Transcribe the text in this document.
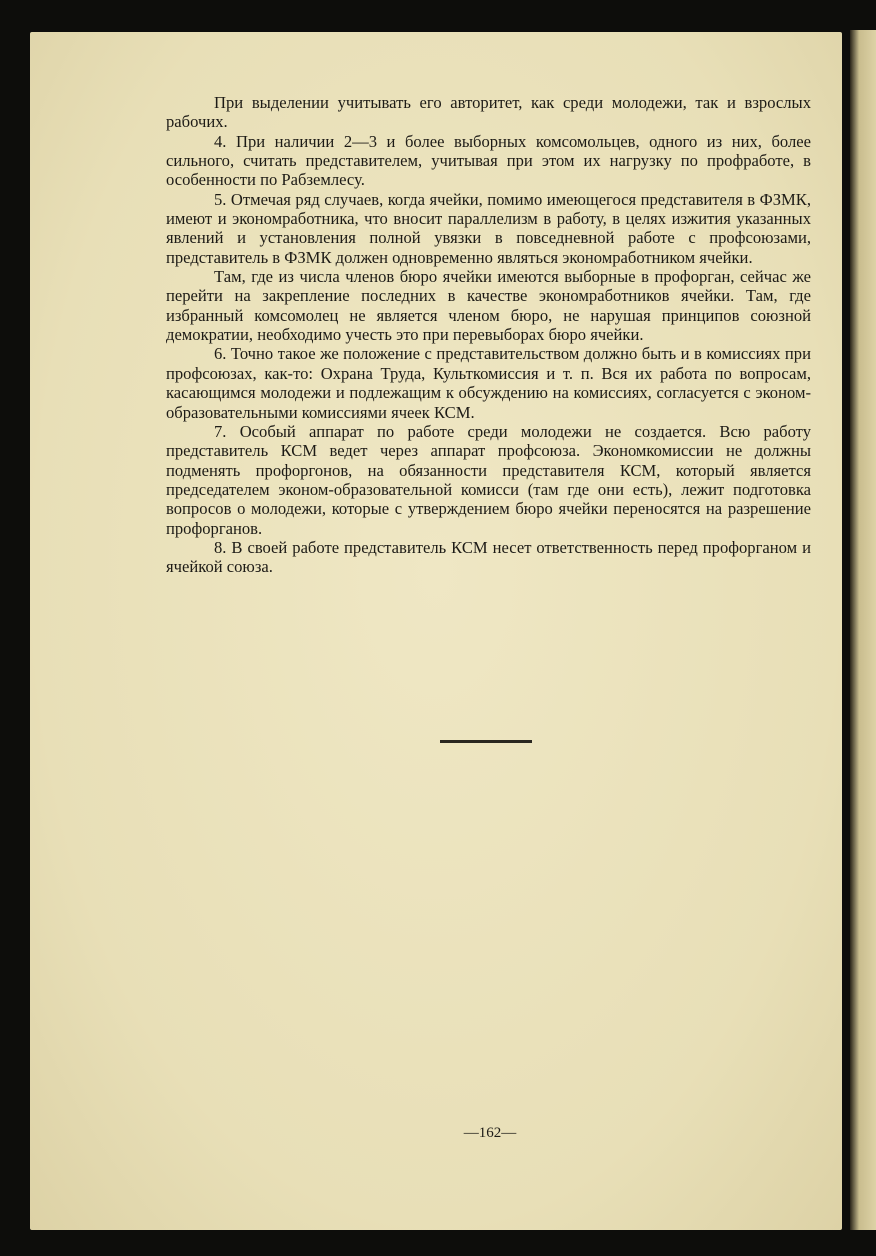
При выделении учитывать его авторитет, как среди молодежи, так и взрослых рабочих.

4. При наличии 2—3 и более выборных комсомольцев, одного из них, более сильного, считать представителем, учитывая при этом их нагрузку по профработе, в особенности по Рабземлесу.

5. Отмечая ряд случаев, когда ячейки, помимо имеющегося представителя в ФЗМК, имеют и экономработника, что вносит параллелизм в работу, в целях изжития указанных явлений и установления полной увязки в повседневной работе с профсоюзами, представитель в ФЗМК должен одновременно являться экономработником ячейки.

Там, где из числа членов бюро ячейки имеются выборные в профорган, сейчас же перейти на закрепление последних в качестве экономработников ячейки. Там, где избранный комсомолец не является членом бюро, не нарушая принципов союзной демократии, необходимо учесть это при перевыборах бюро ячейки.

6. Точно такое же положение с представительством должно быть и в комиссиях при профсоюзах, как-то: Охрана Труда, Культкомиссия и т. п. Вся их работа по вопросам, касающимся молодежи и подлежащим к обсуждению на комиссиях, согласуется с эконом-образовательными комиссиями ячеек КСМ.

7. Особый аппарат по работе среди молодежи не создается. Всю работу представитель КСМ ведет через аппарат профсоюза. Экономкомиссии не должны подменять профоргонов, на обязанности представителя КСМ, который является председателем эконом-образовательной комисси (там где они есть), лежит подготовка вопросов о молодежи, которые с утверждением бюро ячейки переносятся на разрешение профорганов.

8. В своей работе представитель КСМ несет ответственность перед профорганом и ячейкой союза.

—162—
